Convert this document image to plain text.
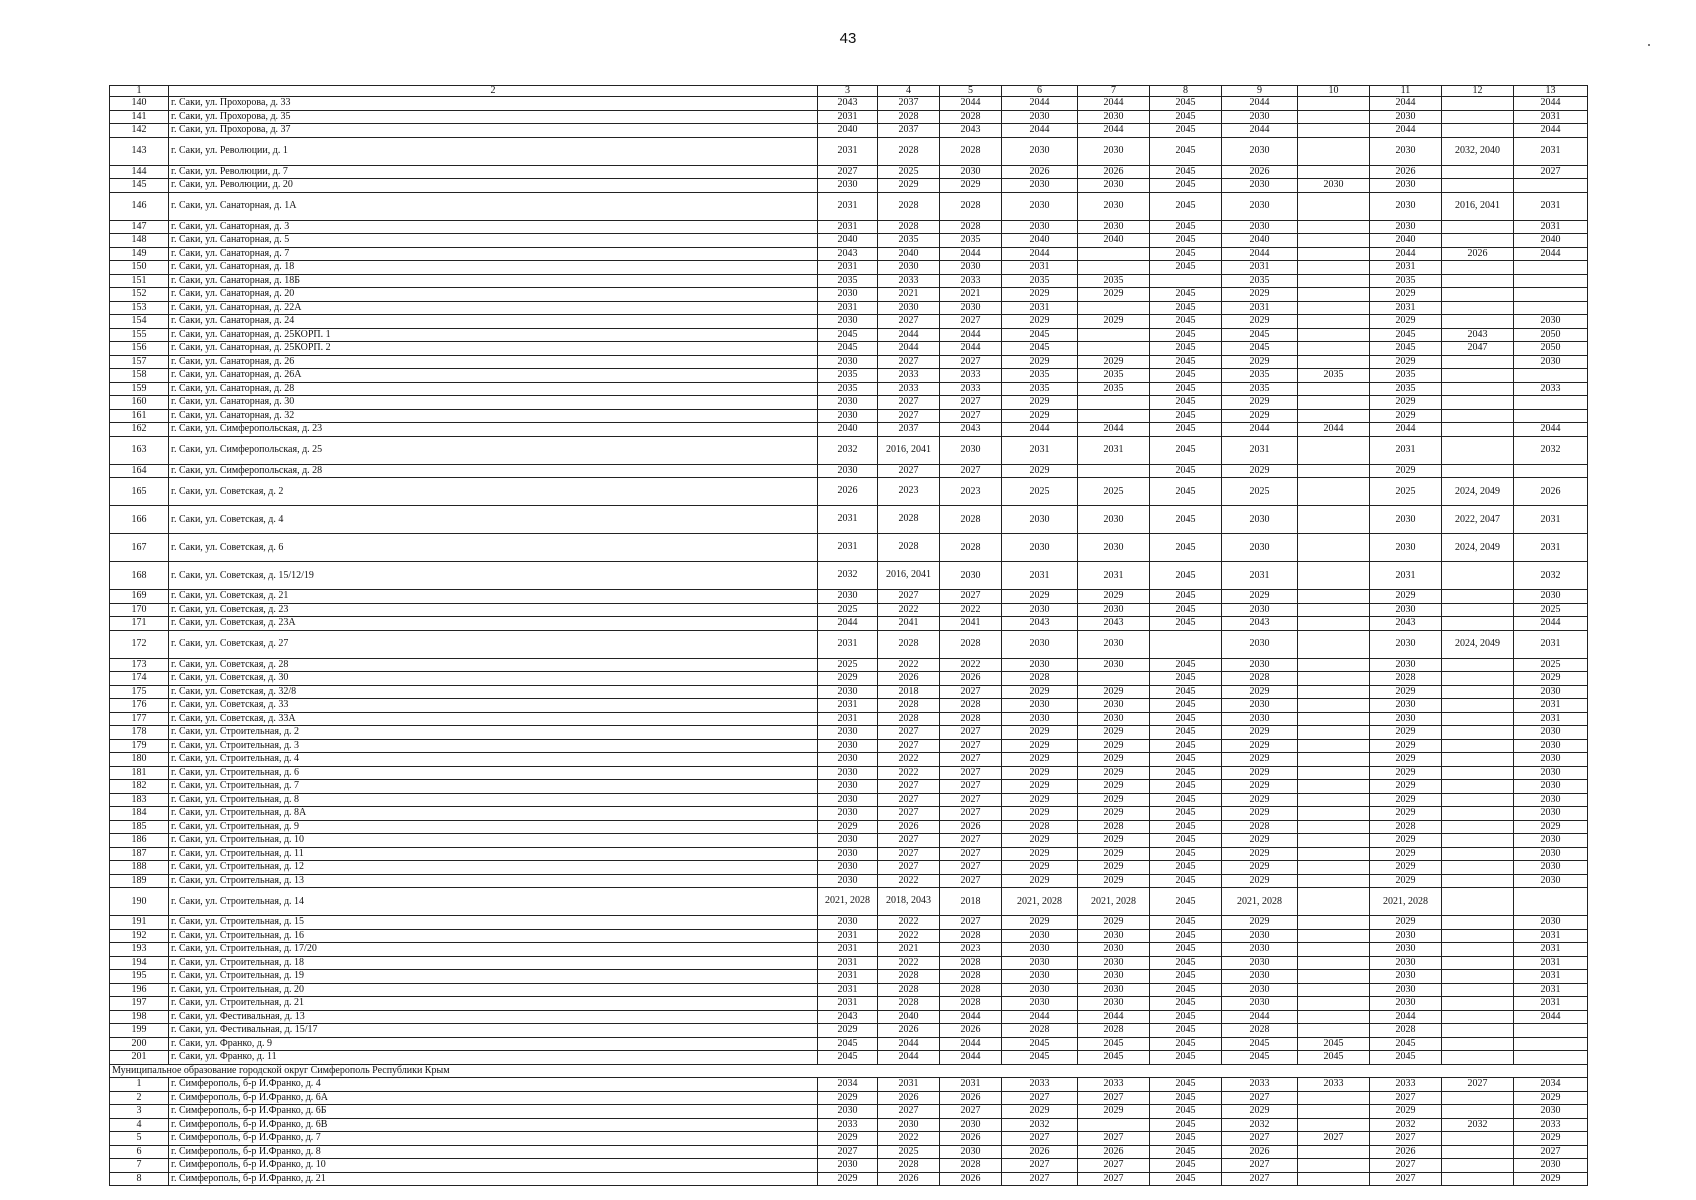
43
1	2	3	4	5	6	7	8	9	10	11	12	13
140	г. Саки, ул. Прохорова, д. 33	2043	2037	2044	2044	2044	2045	2044		2044		2044
141	г. Саки, ул. Прохорова, д. 35	2031	2028	2028	2030	2030	2045	2030		2030		2031
142	г. Саки, ул. Прохорова, д. 37	2040	2037	2043	2044	2044	2045	2044		2044		2044
143	г. Саки, ул. Революции, д. 1	2031	2028	2028	2030	2030	2045	2030		2030	2032, 2040	2031
144	г. Саки, ул. Революции, д. 7	2027	2025	2030	2026	2026	2045	2026		2026		2027
145	г. Саки, ул. Революции, д. 20	2030	2029	2029	2030	2030	2045	2030	2030	2030		
146	г. Саки, ул. Санаторная, д. 1А	2031	2028	2028	2030	2030	2045	2030		2030	2016, 2041	2031
147	г. Саки, ул. Санаторная, д. 3	2031	2028	2028	2030	2030	2045	2030		2030		2031
148	г. Саки, ул. Санаторная, д. 5	2040	2035	2035	2040	2040	2045	2040		2040		2040
149	г. Саки, ул. Санаторная, д. 7	2043	2040	2044	2044		2045	2044		2044	2026	2044
150	г. Саки, ул. Санаторная, д. 18	2031	2030	2030	2031		2045	2031		2031		
151	г. Саки, ул. Санаторная, д. 18Б	2035	2033	2033	2035	2035		2035		2035		
152	г. Саки, ул. Санаторная, д. 20	2030	2021	2021	2029	2029	2045	2029		2029		
153	г. Саки, ул. Санаторная, д. 22А	2031	2030	2030	2031		2045	2031		2031		
154	г. Саки, ул. Санаторная, д. 24	2030	2027	2027	2029	2029	2045	2029		2029		2030
155	г. Саки, ул. Санаторная, д. 25КОРП. 1	2045	2044	2044	2045		2045	2045		2045	2043	2050
156	г. Саки, ул. Санаторная, д. 25КОРП. 2	2045	2044	2044	2045		2045	2045		2045	2047	2050
157	г. Саки, ул. Санаторная, д. 26	2030	2027	2027	2029	2029	2045	2029		2029		2030
158	г. Саки, ул. Санаторная, д. 26А	2035	2033	2033	2035	2035	2045	2035	2035	2035		
159	г. Саки, ул. Санаторная, д. 28	2035	2033	2033	2035	2035	2045	2035		2035		2033
160	г. Саки, ул. Санаторная, д. 30	2030	2027	2027	2029		2045	2029		2029		
161	г. Саки, ул. Санаторная, д. 32	2030	2027	2027	2029		2045	2029		2029		
162	г. Саки, ул. Симферопольская, д. 23	2040	2037	2043	2044	2044	2045	2044	2044	2044		2044
163	г. Саки, ул. Симферопольская, д. 25	2032	2016, 2041	2030	2031	2031	2045	2031		2031		2032
164	г. Саки, ул. Симферопольская, д. 28	2030	2027	2027	2029		2045	2029		2029		
165	г. Саки, ул. Советская, д. 2	2026	2023	2023	2025	2025	2045	2025		2025	2024, 2049	2026
166	г. Саки, ул. Советская, д. 4	2031	2028	2028	2030	2030	2045	2030		2030	2022, 2047	2031
167	г. Саки, ул. Советская, д. 6	2031	2028	2028	2030	2030	2045	2030		2030	2024, 2049	2031
168	г. Саки, ул. Советская, д. 15/12/19	2032	2016, 2041	2030	2031	2031	2045	2031		2031		2032
169	г. Саки, ул. Советская, д. 21	2030	2027	2027	2029	2029	2045	2029		2029		2030
170	г. Саки, ул. Советская, д. 23	2025	2022	2022	2030	2030	2045	2030		2030		2025
171	г. Саки, ул. Советская, д. 23А	2044	2041	2041	2043	2043	2045	2043		2043		2044
172	г. Саки, ул. Советская, д. 27	2031	2028	2028	2030	2030		2030		2030	2024, 2049	2031
173	г. Саки, ул. Советская, д. 28	2025	2022	2022	2030	2030	2045	2030		2030		2025
174	г. Саки, ул. Советская, д. 30	2029	2026	2026	2028		2045	2028		2028		2029
175	г. Саки, ул. Советская, д. 32/8	2030	2018	2027	2029	2029	2045	2029		2029		2030
176	г. Саки, ул. Советская, д. 33	2031	2028	2028	2030	2030	2045	2030		2030		2031
177	г. Саки, ул. Советская, д. 33А	2031	2028	2028	2030	2030	2045	2030		2030		2031
178	г. Саки, ул. Строительная, д. 2	2030	2027	2027	2029	2029	2045	2029		2029		2030
179	г. Саки, ул. Строительная, д. 3	2030	2027	2027	2029	2029	2045	2029		2029		2030
180	г. Саки, ул. Строительная, д. 4	2030	2022	2027	2029	2029	2045	2029		2029		2030
181	г. Саки, ул. Строительная, д. 6	2030	2022	2027	2029	2029	2045	2029		2029		2030
182	г. Саки, ул. Строительная, д. 7	2030	2027	2027	2029	2029	2045	2029		2029		2030
183	г. Саки, ул. Строительная, д. 8	2030	2027	2027	2029	2029	2045	2029		2029		2030
184	г. Саки, ул. Строительная, д. 8А	2030	2027	2027	2029	2029	2045	2029		2029		2030
185	г. Саки, ул. Строительная, д. 9	2029	2026	2026	2028	2028	2045	2028		2028		2029
186	г. Саки, ул. Строительная, д. 10	2030	2027	2027	2029	2029	2045	2029		2029		2030
187	г. Саки, ул. Строительная, д. 11	2030	2027	2027	2029	2029	2045	2029		2029		2030
188	г. Саки, ул. Строительная, д. 12	2030	2027	2027	2029	2029	2045	2029		2029		2030
189	г. Саки, ул. Строительная, д. 13	2030	2022	2027	2029	2029	2045	2029		2029		2030
190	г. Саки, ул. Строительная, д. 14	2021, 2028	2018, 2043	2018	2021, 2028	2021, 2028	2045	2021, 2028		2021, 2028		
191	г. Саки, ул. Строительная, д. 15	2030	2022	2027	2029	2029	2045	2029		2029		2030
192	г. Саки, ул. Строительная, д. 16	2031	2022	2028	2030	2030	2045	2030		2030		2031
193	г. Саки, ул. Строительная, д. 17/20	2031	2021	2023	2030	2030	2045	2030		2030		2031
194	г. Саки, ул. Строительная, д. 18	2031	2022	2028	2030	2030	2045	2030		2030		2031
195	г. Саки, ул. Строительная, д. 19	2031	2028	2028	2030	2030	2045	2030		2030		2031
196	г. Саки, ул. Строительная, д. 20	2031	2028	2028	2030	2030	2045	2030		2030		2031
197	г. Саки, ул. Строительная, д. 21	2031	2028	2028	2030	2030	2045	2030		2030		2031
198	г. Саки, ул. Фестивальная, д. 13	2043	2040	2044	2044	2044	2045	2044		2044		2044
199	г. Саки, ул. Фестивальная, д. 15/17	2029	2026	2026	2028	2028	2045	2028		2028		
200	г. Саки, ул. Франко, д. 9	2045	2044	2044	2045	2045	2045	2045	2045	2045		
201	г. Саки, ул. Франко, д. 11	2045	2044	2044	2045	2045	2045	2045	2045	2045		
Муниципальное образование городской округ Симферополь Республики Крым												
1	г. Симферополь, б-р И.Франко, д. 4	2034	2031	2031	2033	2033	2045	2033	2033	2033	2027	2034
2	г. Симферополь, б-р И.Франко, д. 6А	2029	2026	2026	2027	2027	2045	2027		2027		2029
3	г. Симферополь, б-р И.Франко, д. 6Б	2030	2027	2027	2029	2029	2045	2029		2029		2030
4	г. Симферополь, б-р И.Франко, д. 6В	2033	2030	2030	2032		2045	2032		2032	2032	2033
5	г. Симферополь, б-р И.Франко, д. 7	2029	2022	2026	2027	2027	2045	2027	2027	2027		2029
6	г. Симферополь, б-р И.Франко, д. 8	2027	2025	2030	2026	2026	2045	2026		2026		2027
7	г. Симферополь, б-р И.Франко, д. 10	2030	2028	2028	2027	2027	2045	2027		2027		2030
8	г. Симферополь, б-р И.Франко, д. 21	2029	2026	2026	2027	2027	2045	2027		2027		2029
